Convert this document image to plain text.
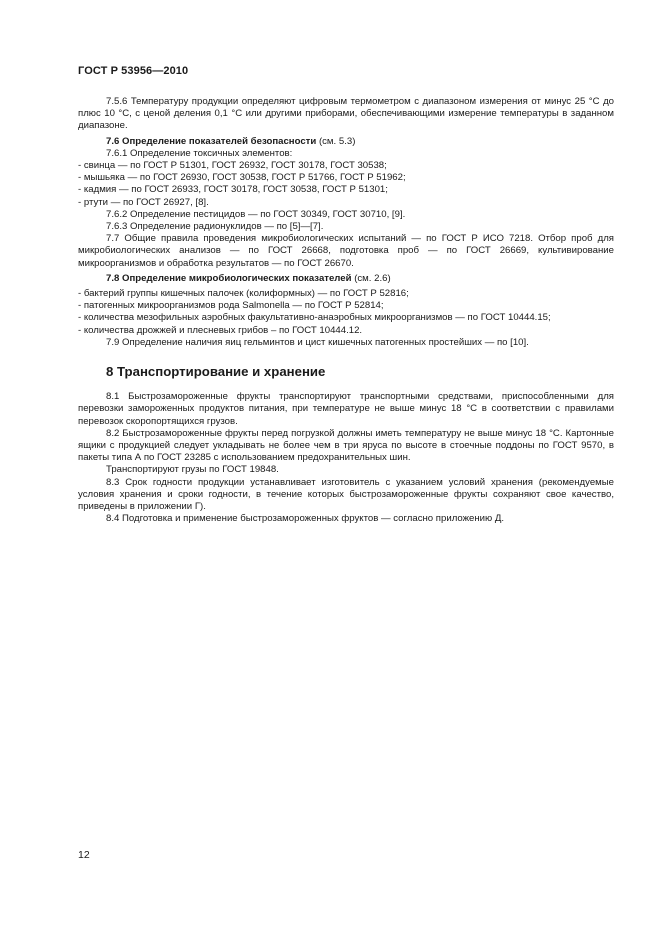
ГОСТ Р 53956—2010

7.5.6 Температуру продукции определяют цифровым термометром с диапазоном измерения от минус 25 °С до плюс 10 °С, с ценой деления 0,1 °С или другими приборами, обеспечивающими измерение температуры в заданном диапазоне.

7.6 Определение показателей безопасности (см. 5.3)

7.6.1 Определение токсичных элементов:

- свинца — по ГОСТ Р 51301, ГОСТ 26932, ГОСТ 30178, ГОСТ 30538;

- мышьяка — по ГОСТ 26930, ГОСТ 30538, ГОСТ Р 51766, ГОСТ Р 51962;

- кадмия — по ГОСТ 26933, ГОСТ 30178, ГОСТ 30538, ГОСТ Р 51301;

- ртути — по ГОСТ 26927, [8].

7.6.2 Определение пестицидов — по ГОСТ 30349, ГОСТ 30710, [9].

7.6.3 Определение радионуклидов — по [5]—[7].

7.7 Общие правила проведения микробиологических испытаний — по ГОСТ Р ИСО 7218. Отбор проб для микробиологических анализов — по ГОСТ 26668, подготовка проб — по ГОСТ 26669, культивирование микроорганизмов и обработка результатов — по ГОСТ 26670.

7.8 Определение микробиологических показателей (см. 2.6)

- бактерий группы кишечных палочек (колиформных) — по ГОСТ Р 52816;

- патогенных микроорганизмов рода Salmonella — по ГОСТ Р 52814;

- количества мезофильных аэробных факультативно-анаэробных микроорганизмов — по ГОСТ 10444.15;

- количества дрожжей и плесневых грибов – по ГОСТ 10444.12.

7.9 Определение наличия яиц гельминтов и цист кишечных патогенных простейших — по [10].

8 Транспортирование и хранение

8.1 Быстрозамороженные фрукты транспортируют транспортными средствами, приспособленными для перевозки замороженных продуктов питания, при температуре не выше минус 18 °С в соответствии с правилами перевозок скоропортящихся грузов.

8.2 Быстрозамороженные фрукты перед погрузкой должны иметь температуру не выше минус 18 °С. Картонные ящики с продукцией следует укладывать не более чем в три яруса по высоте в стоечные поддоны по ГОСТ 9570, в пакеты типа А по ГОСТ 23285 с использованием предохранительных шин.

Транспортируют грузы по ГОСТ 19848.

8.3 Срок годности продукции устанавливает изготовитель с указанием условий хранения (рекомендуемые условия хранения и сроки годности, в течение которых быстрозамороженные фрукты сохраняют свое качество, приведены в приложении Г).

8.4 Подготовка и применение быстрозамороженных фруктов — согласно приложению Д.

12
